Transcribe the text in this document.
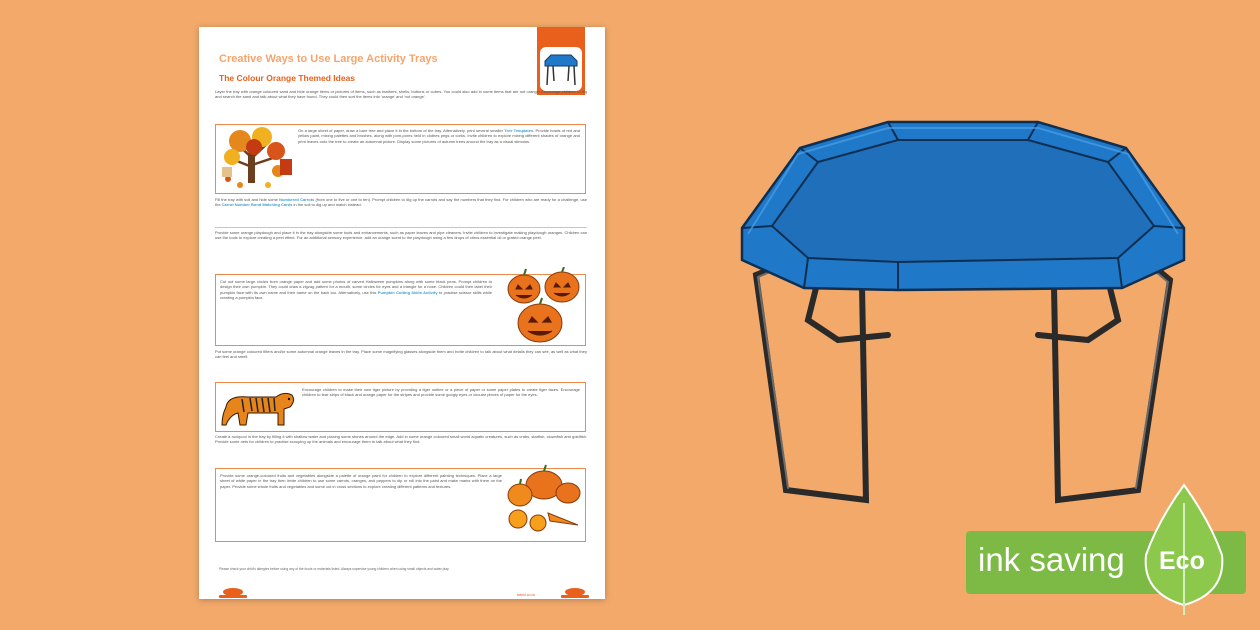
Creative Ways to Use Large Activity Trays
The Colour Orange Themed Ideas
Layer the tray with orange coloured sand and hide orange items or pictures of items, such as feathers, shells, buttons or cubes. You could also add in some items that are not orange. Encourage children to dig and search the sand and talk about what they have found. They could then sort the items into 'orange' and 'not orange'.
On a large sheet of paper, draw a bare tree and place it in the bottom of the tray. Alternatively, print several smaller Tree Templates. Provide bowls of red and yellow paint, mixing palettes and brushes, along with pom-poms held in clothes pegs or corks. Invite children to explore mixing different shades of orange and print leaves onto the tree to create an autumnal picture. Display some pictures of autumn trees around the tray as a visual stimulus.
Fill the tray with soil and hide some Numbered Carrots (from one to five or one to ten). Prompt children to dig up the carrots and say the numbers that they find. For children who are ready for a challenge, use the Carrot Number Bond Matching Cards in the soil to dig up and match instead.
Provide some orange playdough and place it in the tray alongside some tools and enhancements, such as paper leaves and pipe cleaners. Invite children to investigate making playdough oranges. Children can use the tools to explore creating a peel effect. For an additional sensory experience, add an orange scent to the playdough using a few drops of citrus essential oil or grated orange peel.
Cut out some large circles from orange paper and add some photos of carved Halloween pumpkins along with some black pens. Prompt children to design their own pumpkin. They could draw a zigzag pattern for a mouth, some circles for eyes and a triangle for a nose. Children could then label their pumpkin face with its own name and their name on the back too. Alternatively, use this Pumpkin Cutting Skills Activity to practise scissor skills while creating a pumpkin face.
Put some orange coloured filters and/or some autumnal orange leaves in the tray. Place some magnifying glasses alongside them and invite children to talk about what details they can see, as well as what they can feel and smell.
Encourage children to make their own tiger picture by providing a tiger outline or a piece of paper or some paper plates to create tiger faces. Encourage children to tear strips of black and orange paper for the stripes and provide some googly eyes or circular pieces of paper for the eyes.
Create a rockpool in the tray by filling it with shallow water and placing some stones around the edge. Add in some orange coloured small world aquatic creatures, such as crabs, starfish, clownfish and goldfish. Provide some nets for children to practise scooping up the animals and encourage them to talk about what they find.
Provide some orange-coloured fruits and vegetables alongside a palette of orange paint for children to explore different painting techniques. Place a large sheet of white paper in the tray then invite children to use some carrots, oranges, and peppers to dip or roll into the paint and make marks with them on the paper. Provide some whole fruits and vegetables and some cut in cross sections to explore creating different patterns and textures.
Please check your child's allergies before using any of the foods or materials listed. Always supervise young children when using small objects and water play.
twinkl.co.uk
ink saving Eco
